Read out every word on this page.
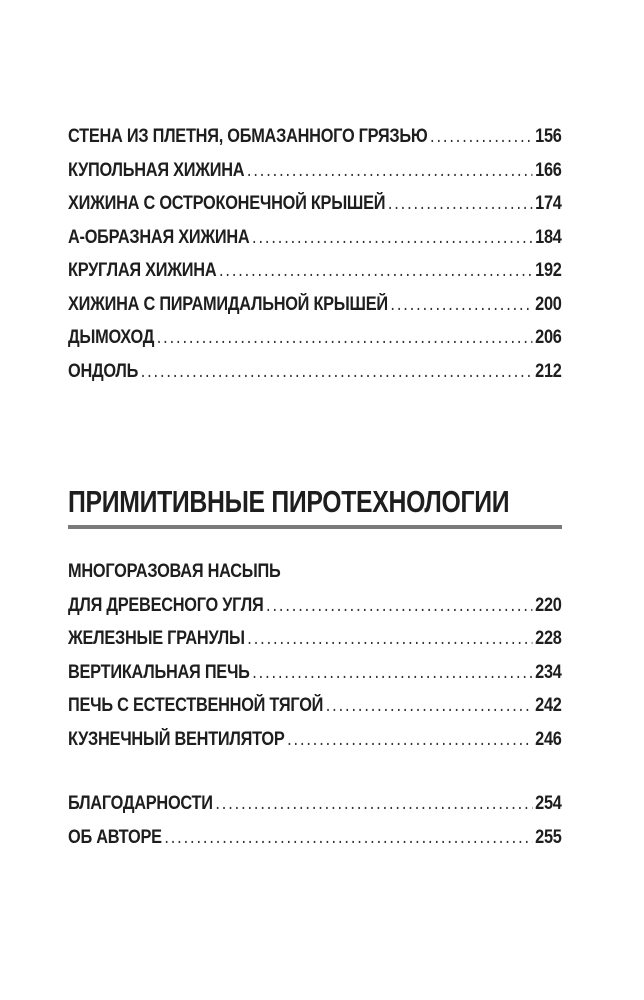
СТЕНА ИЗ ПЛЕТНЯ, ОБМАЗАННОГО ГРЯЗЬЮ .....	156
КУПОЛЬНАЯ ХИЖИНА .....	166
ХИЖИНА С ОСТРОКОНЕЧНОЙ КРЫШЕЙ .....	174
А-ОБРАЗНАЯ ХИЖИНА .....	184
КРУГЛАЯ ХИЖИНА .....	192
ХИЖИНА С ПИРАМИДАЛЬНОЙ КРЫШЕЙ .....	200
ДЫМОХОД .....	206
ОНДОЛЬ .....	212
ПРИМИТИВНЫЕ ПИРОТЕХНОЛОГИИ
МНОГОРАЗОВАЯ НАСЫПЬ
ДЛЯ ДРЕВЕСНОГО УГЛЯ .....	220
ЖЕЛЕЗНЫЕ ГРАНУЛЫ .....	228
ВЕРТИКАЛЬНАЯ ПЕЧЬ .....	234
ПЕЧЬ С ЕСТЕСТВЕННОЙ ТЯГОЙ .....	242
КУЗНЕЧНЫЙ ВЕНТИЛЯТОР .....	246
БЛАГОДАРНОСТИ .....	254
ОБ АВТОРЕ .....	255
